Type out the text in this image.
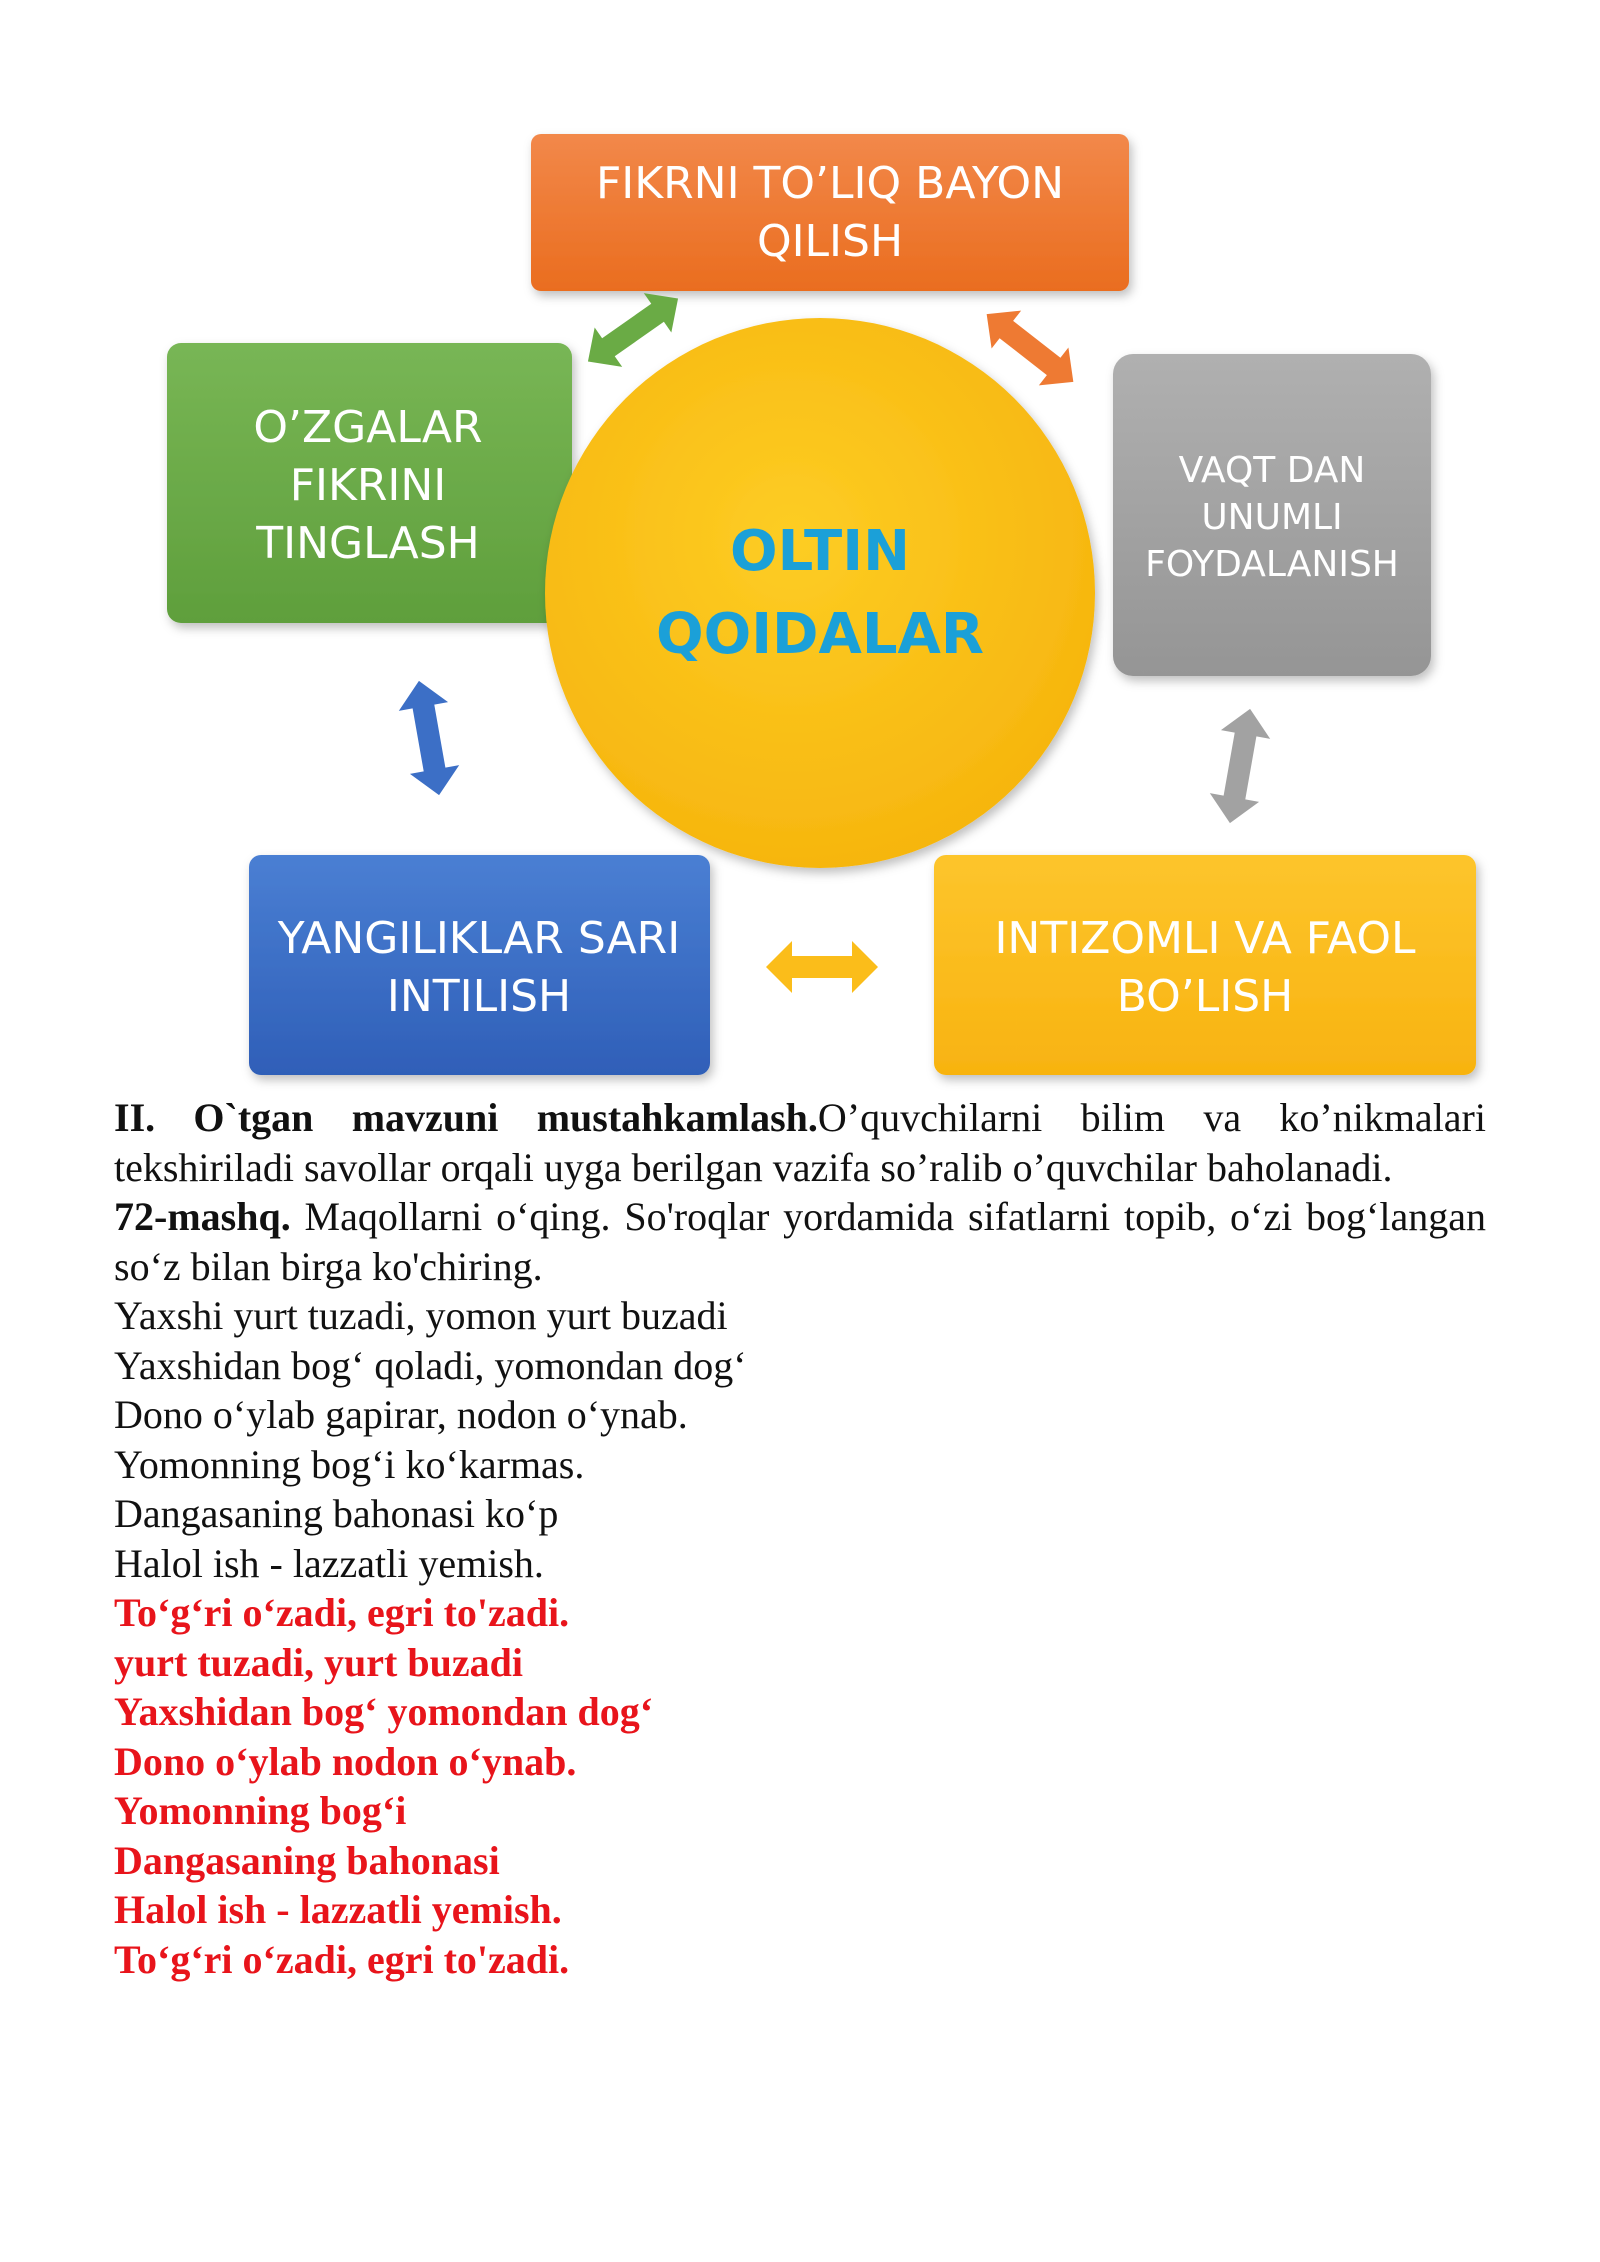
FIKRNI TO’LIQ BAYON
QILISH
O’ZGALAR
FIKRINI
TINGLASH
VAQT DAN
UNUMLI
FOYDALANISH
YANGILIKLAR SARI
INTILISH
INTIZOMLI VA FAOL
BO’LISH
OLTIN
QOIDALAR

II. O`tgan mavzuni mustahkamlash.O’quvchilarni bilim va ko’nikmalari tekshiriladi savollar orqali uyga berilgan vazifa so’ralib o’quvchilar baholanadi.

72-mashq. Maqollarni o‘qing. So'roqlar yordamida sifatlarni topib, o‘zi bog‘langan so‘z bilan birga ko'chiring.

Yaxshi yurt tuzadi, yomon yurt buzadi

Yaxshidan bog‘ qoladi, yomondan dog‘

Dono o‘ylab gapirar, nodon o‘ynab.

Yomonning bog‘i ko‘karmas.

Dangasaning bahonasi ko‘p

Halol ish - lazzatli yemish.

To‘g‘ri o‘zadi, egri to'zadi.

yurt tuzadi, yurt buzadi

Yaxshidan bog‘ yomondan dog‘

Dono o‘ylab nodon o‘ynab.

Yomonning bog‘i

Dangasaning bahonasi

Halol ish - lazzatli yemish.

To‘g‘ri o‘zadi, egri to'zadi.
